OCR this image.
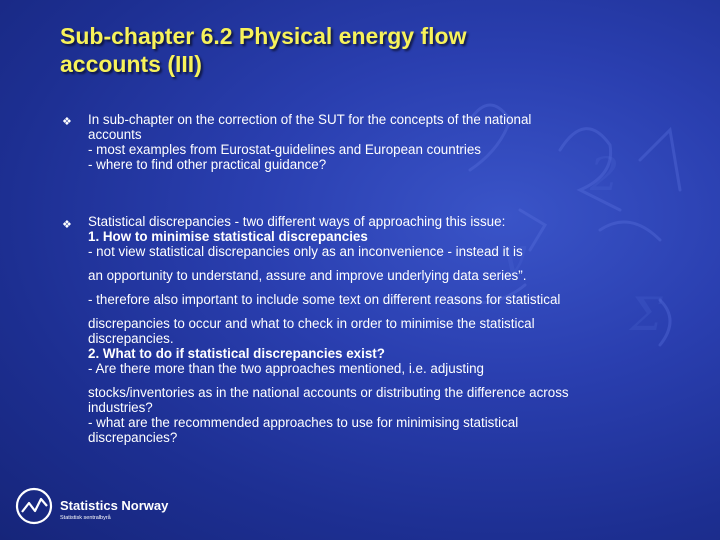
2
Σ
y
Sub-chapter 6.2 Physical energy flow
accounts (III)
❖ In sub-chapter on the correction of the SUT for the concepts of the national
accounts
- most examples from Eurostat-guidelines and European countries
- where to find other practical guidance?
❖ Statistical discrepancies - two different ways of approaching this issue:
1. How to minimise statistical discrepancies
- not view statistical discrepancies only as an inconvenience - instead it is
an opportunity to understand, assure and improve underlying data series”.
- therefore also important to include some text on different reasons for statistical
discrepancies to occur and what to check in order to minimise the statistical
discrepancies.
2. What to do if statistical discrepancies exist?
- Are there more than the two approaches mentioned, i.e. adjusting
stocks/inventories as in the national accounts or distributing the difference across
industries?
- what are the recommended approaches to use for minimising statistical
discrepancies?
Statistics Norway
Statistisk sentralbyrå
